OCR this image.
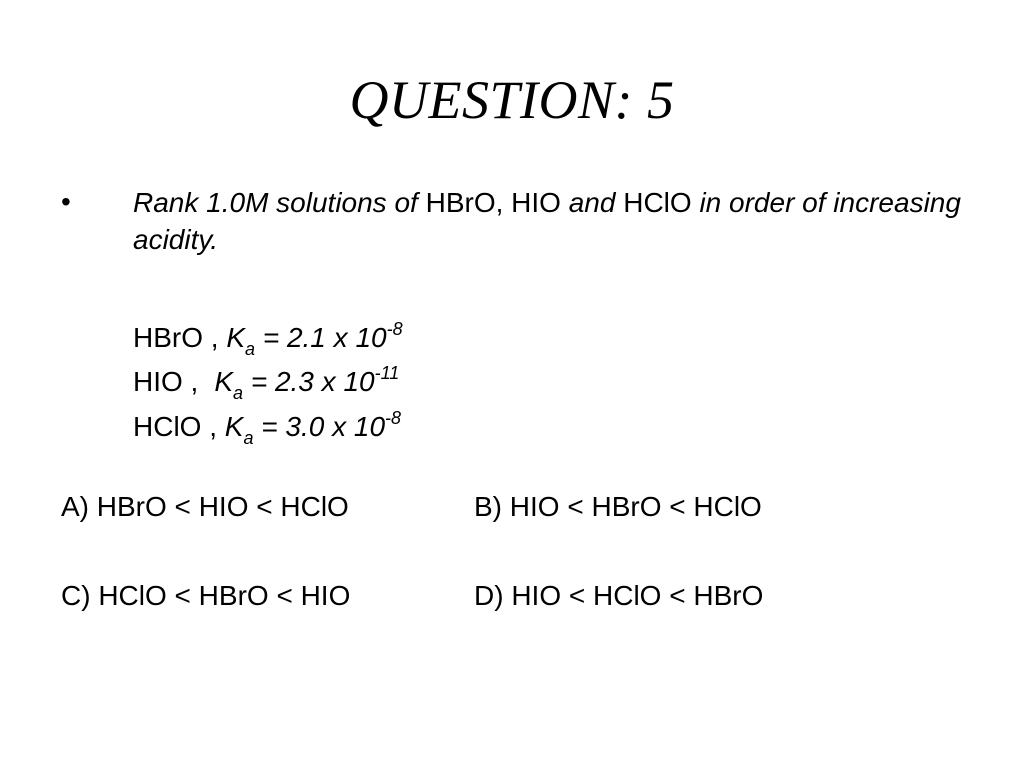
QUESTION: 5
• Rank 1.0M solutions of HBrO, HIO and HClO in order of increasing acidity.
HBrO , $K_a = 2.1$ x $10^{-8}$
HIO , $K_a = 2.3$ x $10^{-11}$
HClO , $K_a = 3.0$ x $10^{-8}$
A) HBrO < HIO < HClO	B) HIO < HBrO < HClO
C) HClO < HBrO < HIO	D) HIO < HClO < HBrO
